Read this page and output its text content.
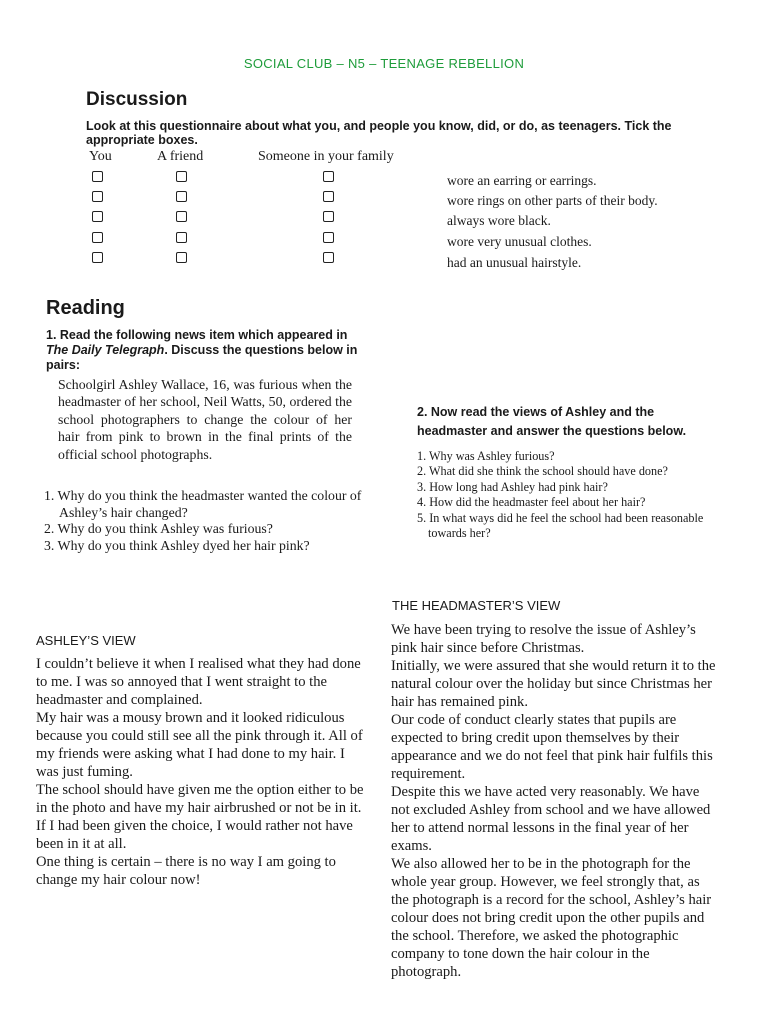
SOCIAL CLUB – N5 – TEENAGE REBELLION
Discussion
Look at this questionnaire about what you, and people you know, did, or do, as teenagers. Tick the appropriate boxes.
You	A friend	Someone in your family
wore an earring or earrings.
wore rings on other parts of their body.
always wore black.
wore very unusual clothes.
had an unusual hairstyle.
Reading
1. Read the following news item which appeared in The Daily Telegraph. Discuss the questions below in pairs:
Schoolgirl Ashley Wallace, 16, was furious when the headmaster of her school, Neil Watts, 50, ordered the school photographers to change the colour of her hair from pink to brown in the final prints of the official school photographs.
1. Why do you think the headmaster wanted the colour of Ashley’s hair changed?
2. Why do you think Ashley was furious?
3. Why do you think Ashley dyed her hair pink?
2. Now read the views of Ashley and the headmaster and answer the questions below.
1. Why was Ashley furious?
2. What did she think the school should have done?
3. How long had Ashley had pink hair?
4. How did the headmaster feel about her hair?
5. In what ways did he feel the school had been reasonable towards her?
THE HEADMASTER’S VIEW

We have been trying to resolve the issue of Ashley’s pink hair since before Christmas.

Initially, we were assured that she would return it to the natural colour over the holiday but since Christmas her hair has remained pink.

Our code of conduct clearly states that pupils are expected to bring credit upon themselves by their appearance and we do not feel that pink hair fulfils this requirement.

Despite this we have acted very reasonably. We have not excluded Ashley from school and we have allowed her to attend normal lessons in the final year of her exams.

We also allowed her to be in the photograph for the whole year group. However, we feel strongly that, as the photograph is a record for the school, Ashley’s hair colour does not bring credit upon the other pupils and the school. Therefore, we asked the photographic company to tone down the hair colour in the photograph.

ASHLEY’S VIEW

I couldn’t believe it when I realised what they had done to me. I was so annoyed that I went straight to the headmaster and complained.

My hair was a mousy brown and it looked ridiculous because you could still see all the pink through it. All of my friends were asking what I had done to my hair. I was just fuming.

The school should have given me the option either to be in the photo and have my hair airbrushed or not be in it. If I had been given the choice, I would rather not have been in it at all.

One thing is certain – there is no way I am going to change my hair colour now!
